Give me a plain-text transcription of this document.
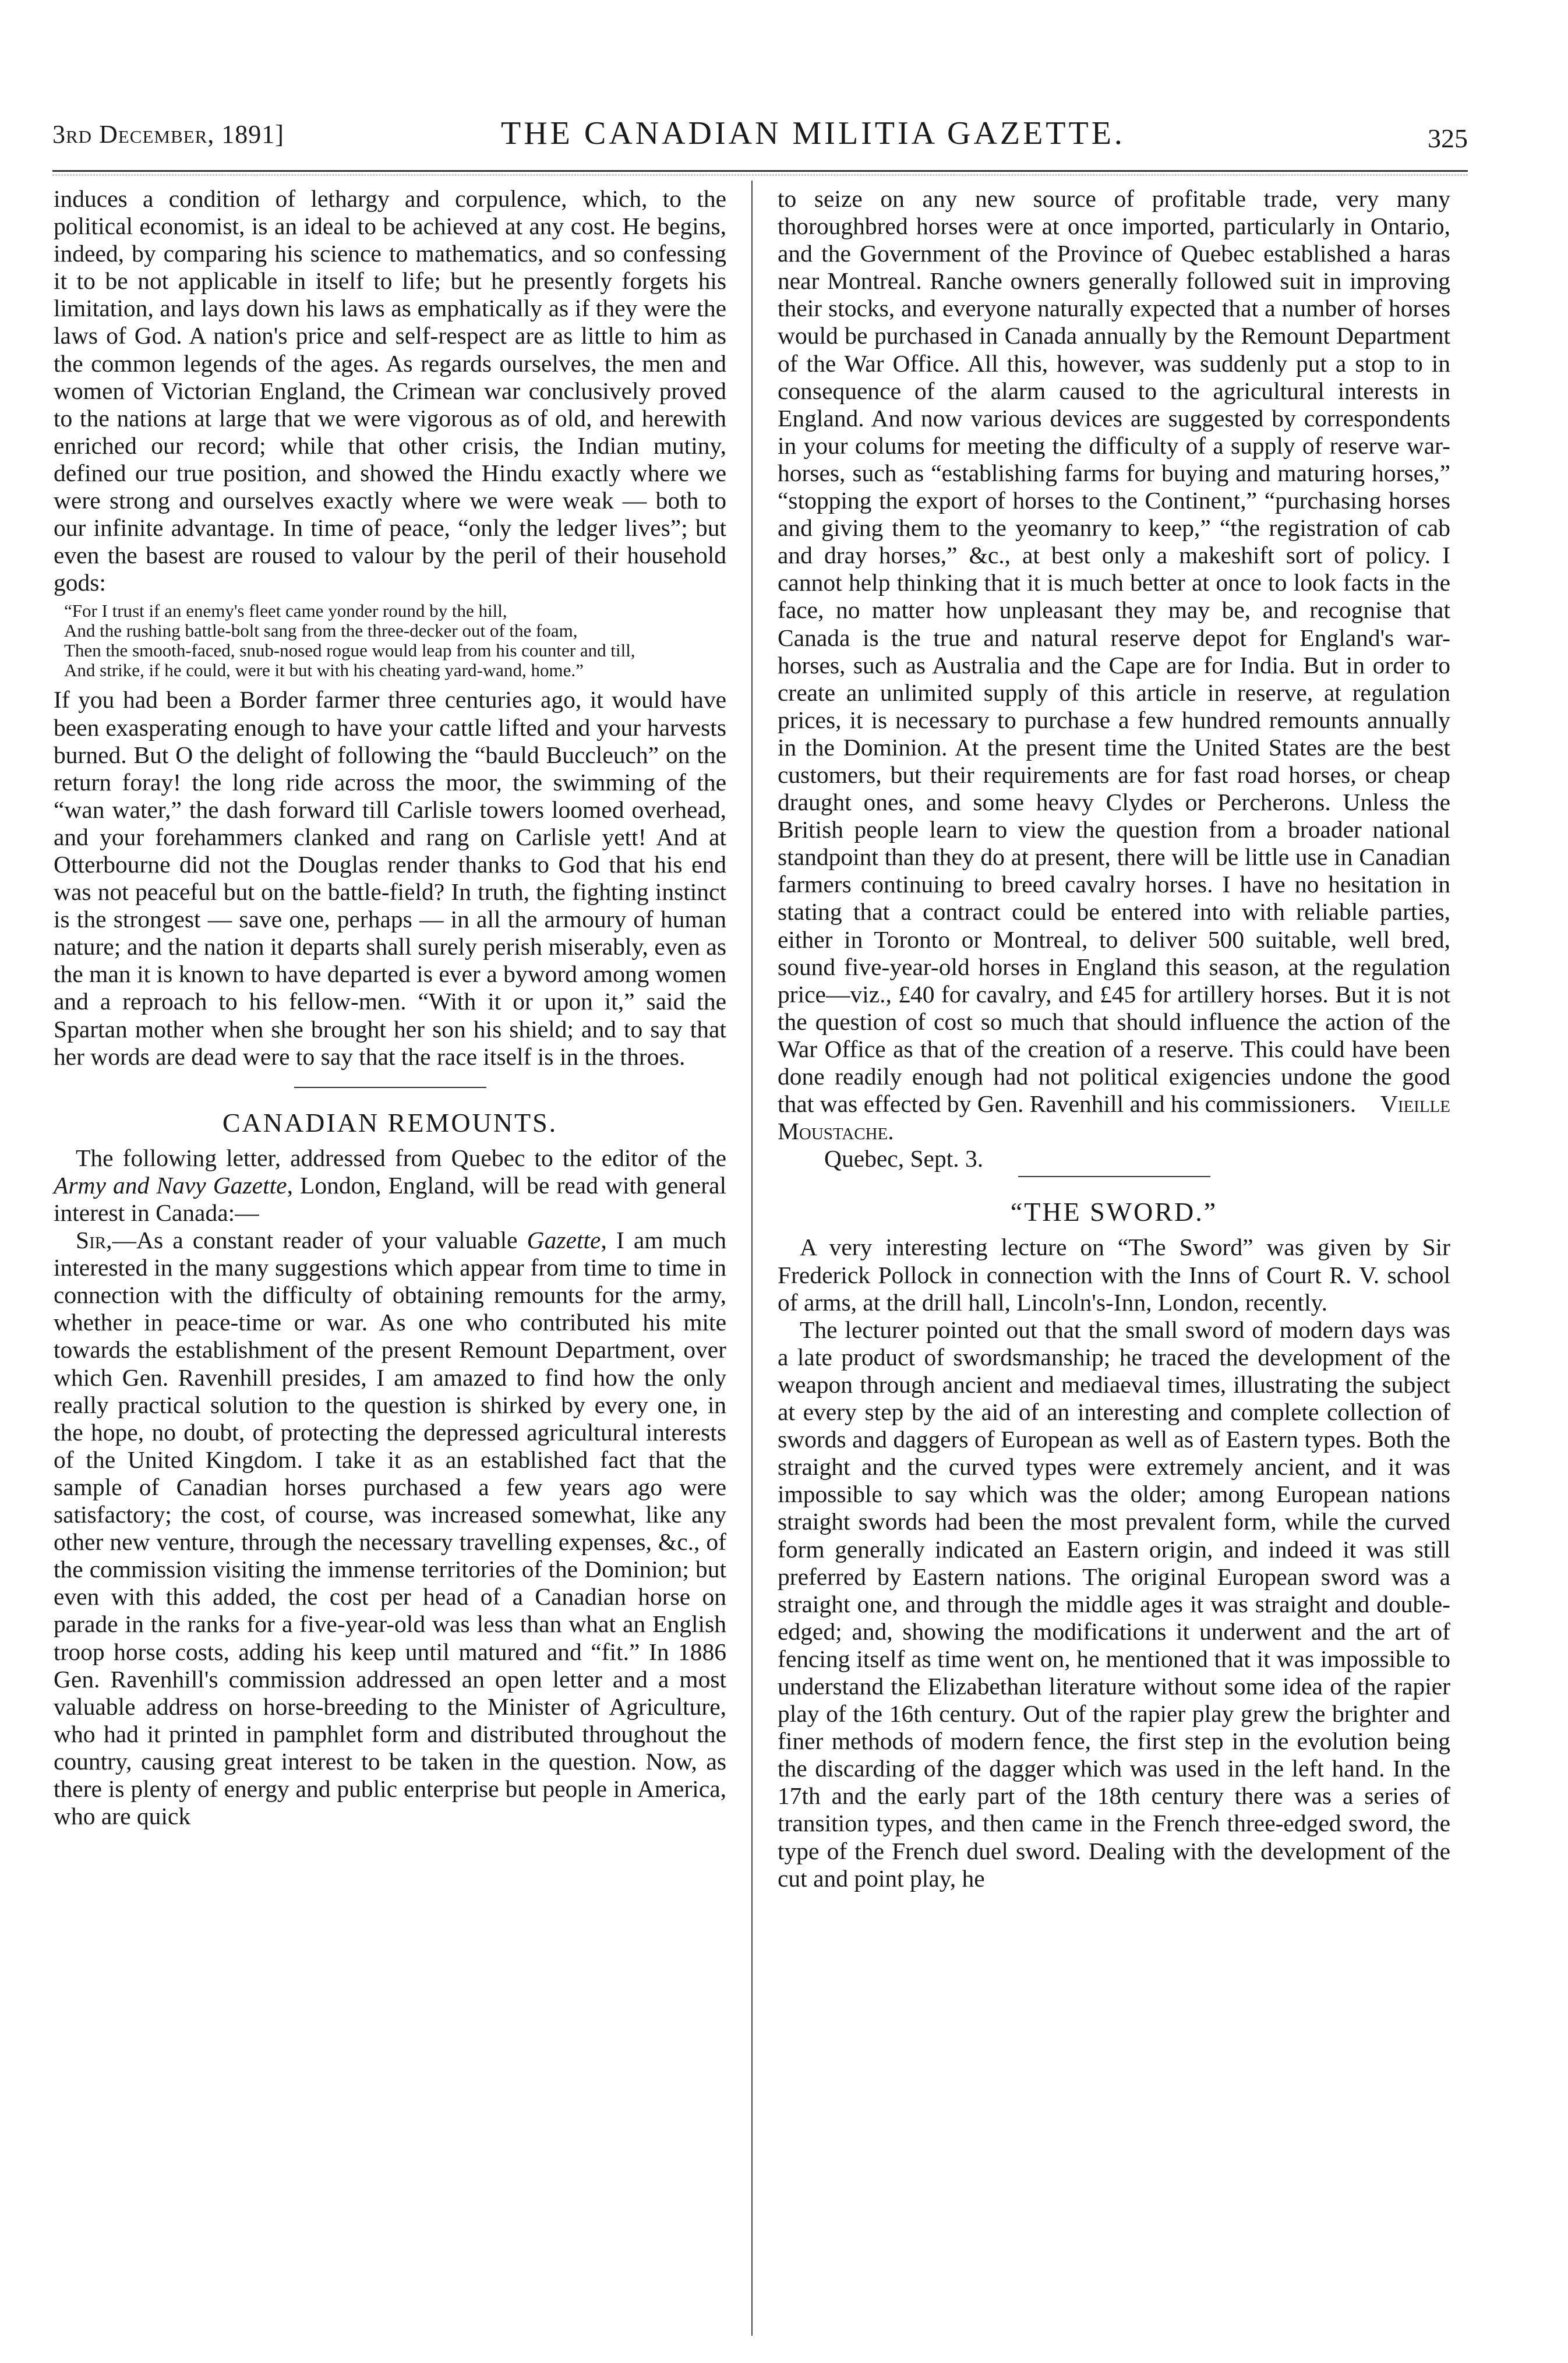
3rd December, 1891]	THE CANADIAN MILITIA GAZETTE.	325

induces a condition of lethargy and corpulence, which, to the political economist, is an ideal to be achieved at any cost. He begins, indeed, by comparing his science to mathematics, and so confessing it to be not applicable in itself to life; but he presently forgets his limitation, and lays down his laws as emphatically as if they were the laws of God. A nation's price and self-respect are as little to him as the common legends of the ages. As regards ourselves, the men and women of Victorian England, the Crimean war conclusively proved to the nations at large that we were vigorous as of old, and herewith enriched our record; while that other crisis, the Indian mutiny, defined our true position, and showed the Hindu exactly where we were strong and ourselves exactly where we were weak — both to our infinite advantage. In time of peace, “only the ledger lives”; but even the basest are roused to valour by the peril of their household gods:

“For I trust if an enemy's fleet came yonder round by the hill,
And the rushing battle-bolt sang from the three-decker out of the foam,
Then the smooth-faced, snub-nosed rogue would leap from his counter and till,
And strike, if he could, were it but with his cheating yard-wand, home.”

If you had been a Border farmer three centuries ago, it would have been exasperating enough to have your cattle lifted and your harvests burned. But O the delight of following the “bauld Buccleuch” on the return foray! the long ride across the moor, the swimming of the “wan water,” the dash forward till Carlisle towers loomed overhead, and your forehammers clanked and rang on Carlisle yett! And at Otterbourne did not the Douglas render thanks to God that his end was not peaceful but on the battle-field? In truth, the fighting instinct is the strongest — save one, perhaps — in all the armoury of human nature; and the nation it departs shall surely perish miserably, even as the man it is known to have departed is ever a byword among women and a reproach to his fellow-men. “With it or upon it,” said the Spartan mother when she brought her son his shield; and to say that her words are dead were to say that the race itself is in the throes.

CANADIAN REMOUNTS.

The following letter, addressed from Quebec to the editor of the Army and Navy Gazette, London, England, will be read with general interest in Canada:—

Sir,—As a constant reader of your valuable Gazette, I am much interested in the many suggestions which appear from time to time in connection with the difficulty of obtaining remounts for the army, whether in peace-time or war. As one who contributed his mite towards the establishment of the present Remount Department, over which Gen. Ravenhill presides, I am amazed to find how the only really practical solution to the question is shirked by every one, in the hope, no doubt, of protecting the depressed agricultural interests of the United Kingdom. I take it as an established fact that the sample of Canadian horses purchased a few years ago were satisfactory; the cost, of course, was increased somewhat, like any other new venture, through the necessary travelling expenses, &c., of the commission visiting the immense territories of the Dominion; but even with this added, the cost per head of a Canadian horse on parade in the ranks for a five-year-old was less than what an English troop horse costs, adding his keep until matured and “fit.” In 1886 Gen. Ravenhill's commission addressed an open letter and a most valuable address on horse-breeding to the Minister of Agriculture, who had it printed in pamphlet form and distributed throughout the country, causing great interest to be taken in the question. Now, as there is plenty of energy and public enterprise but people in America, who are quick

to seize on any new source of profitable trade, very many thoroughbred horses were at once imported, particularly in Ontario, and the Government of the Province of Quebec established a haras near Montreal. Ranche owners generally followed suit in improving their stocks, and everyone naturally expected that a number of horses would be purchased in Canada annually by the Remount Department of the War Office. All this, however, was suddenly put a stop to in consequence of the alarm caused to the agricultural interests in England. And now various devices are suggested by correspondents in your colums for meeting the difficulty of a supply of reserve war-horses, such as “establishing farms for buying and maturing horses,” “stopping the export of horses to the Continent,” “purchasing horses and giving them to the yeomanry to keep,” “the registration of cab and dray horses,” &c., at best only a makeshift sort of policy. I cannot help thinking that it is much better at once to look facts in the face, no matter how unpleasant they may be, and recognise that Canada is the true and natural reserve depot for England's war-horses, such as Australia and the Cape are for India. But in order to create an unlimited supply of this article in reserve, at regulation prices, it is necessary to purchase a few hundred remounts annually in the Dominion. At the present time the United States are the best customers, but their requirements are for fast road horses, or cheap draught ones, and some heavy Clydes or Percherons. Unless the British people learn to view the question from a broader national standpoint than they do at present, there will be little use in Canadian farmers continuing to breed cavalry horses. I have no hesitation in stating that a contract could be entered into with reliable parties, either in Toronto or Montreal, to deliver 500 suitable, well bred, sound five-year-old horses in England this season, at the regulation price—viz., £40 for cavalry, and £45 for artillery horses. But it is not the question of cost so much that should influence the action of the War Office as that of the creation of a reserve. This could have been done readily enough had not political exigencies undone the good that was effected by Gen. Ravenhill and his commissioners. Vieille Moustache.

Quebec, Sept. 3.
“THE SWORD.”

A very interesting lecture on “The Sword” was given by Sir Frederick Pollock in connection with the Inns of Court R. V. school of arms, at the drill hall, Lincoln's-Inn, London, recently.

The lecturer pointed out that the small sword of modern days was a late product of swordsmanship; he traced the development of the weapon through ancient and mediaeval times, illustrating the subject at every step by the aid of an interesting and complete collection of swords and daggers of European as well as of Eastern types. Both the straight and the curved types were extremely ancient, and it was impossible to say which was the older; among European nations straight swords had been the most prevalent form, while the curved form generally indicated an Eastern origin, and indeed it was still preferred by Eastern nations. The original European sword was a straight one, and through the middle ages it was straight and double-edged; and, showing the modifications it underwent and the art of fencing itself as time went on, he mentioned that it was impossible to understand the Elizabethan literature without some idea of the rapier play of the 16th century. Out of the rapier play grew the brighter and finer methods of modern fence, the first step in the evolution being the discarding of the dagger which was used in the left hand. In the 17th and the early part of the 18th century there was a series of transition types, and then came in the French three-edged sword, the type of the French duel sword. Dealing with the development of the cut and point play, he
